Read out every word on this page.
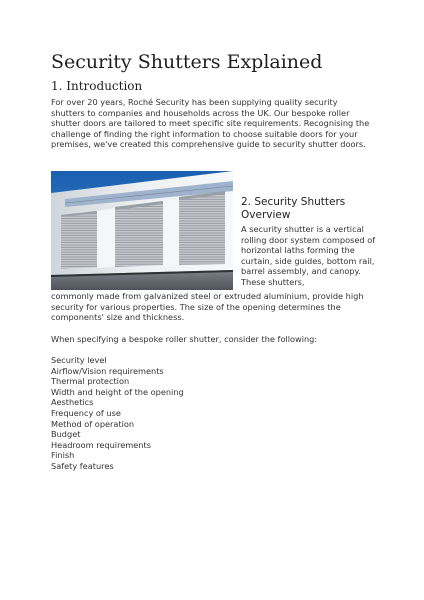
Security Shutters Explained
1. Introduction

For over 20 years, Roché Security has been supplying quality security shutters to companies and households across the UK. Our bespoke roller shutter doors are tailored to meet specific site requirements. Recognising the challenge of finding the right information to choose suitable doors for your premises, we've created this comprehensive guide to security shutter doors.

2. Security Shutters
Overview

A security shutter is a vertical rolling door system composed of horizontal laths forming the curtain, side guides, bottom rail, barrel assembly, and canopy. These shutters,

commonly made from galvanized steel or extruded aluminium, provide high security for various properties. The size of the opening determines the components' size and thickness.

When specifying a bespoke roller shutter, consider the following:

Security level
Airflow/Vision requirements
Thermal protection
Width and height of the opening
Aesthetics
Frequency of use
Method of operation
Budget
Headroom requirements
Finish
Safety features
